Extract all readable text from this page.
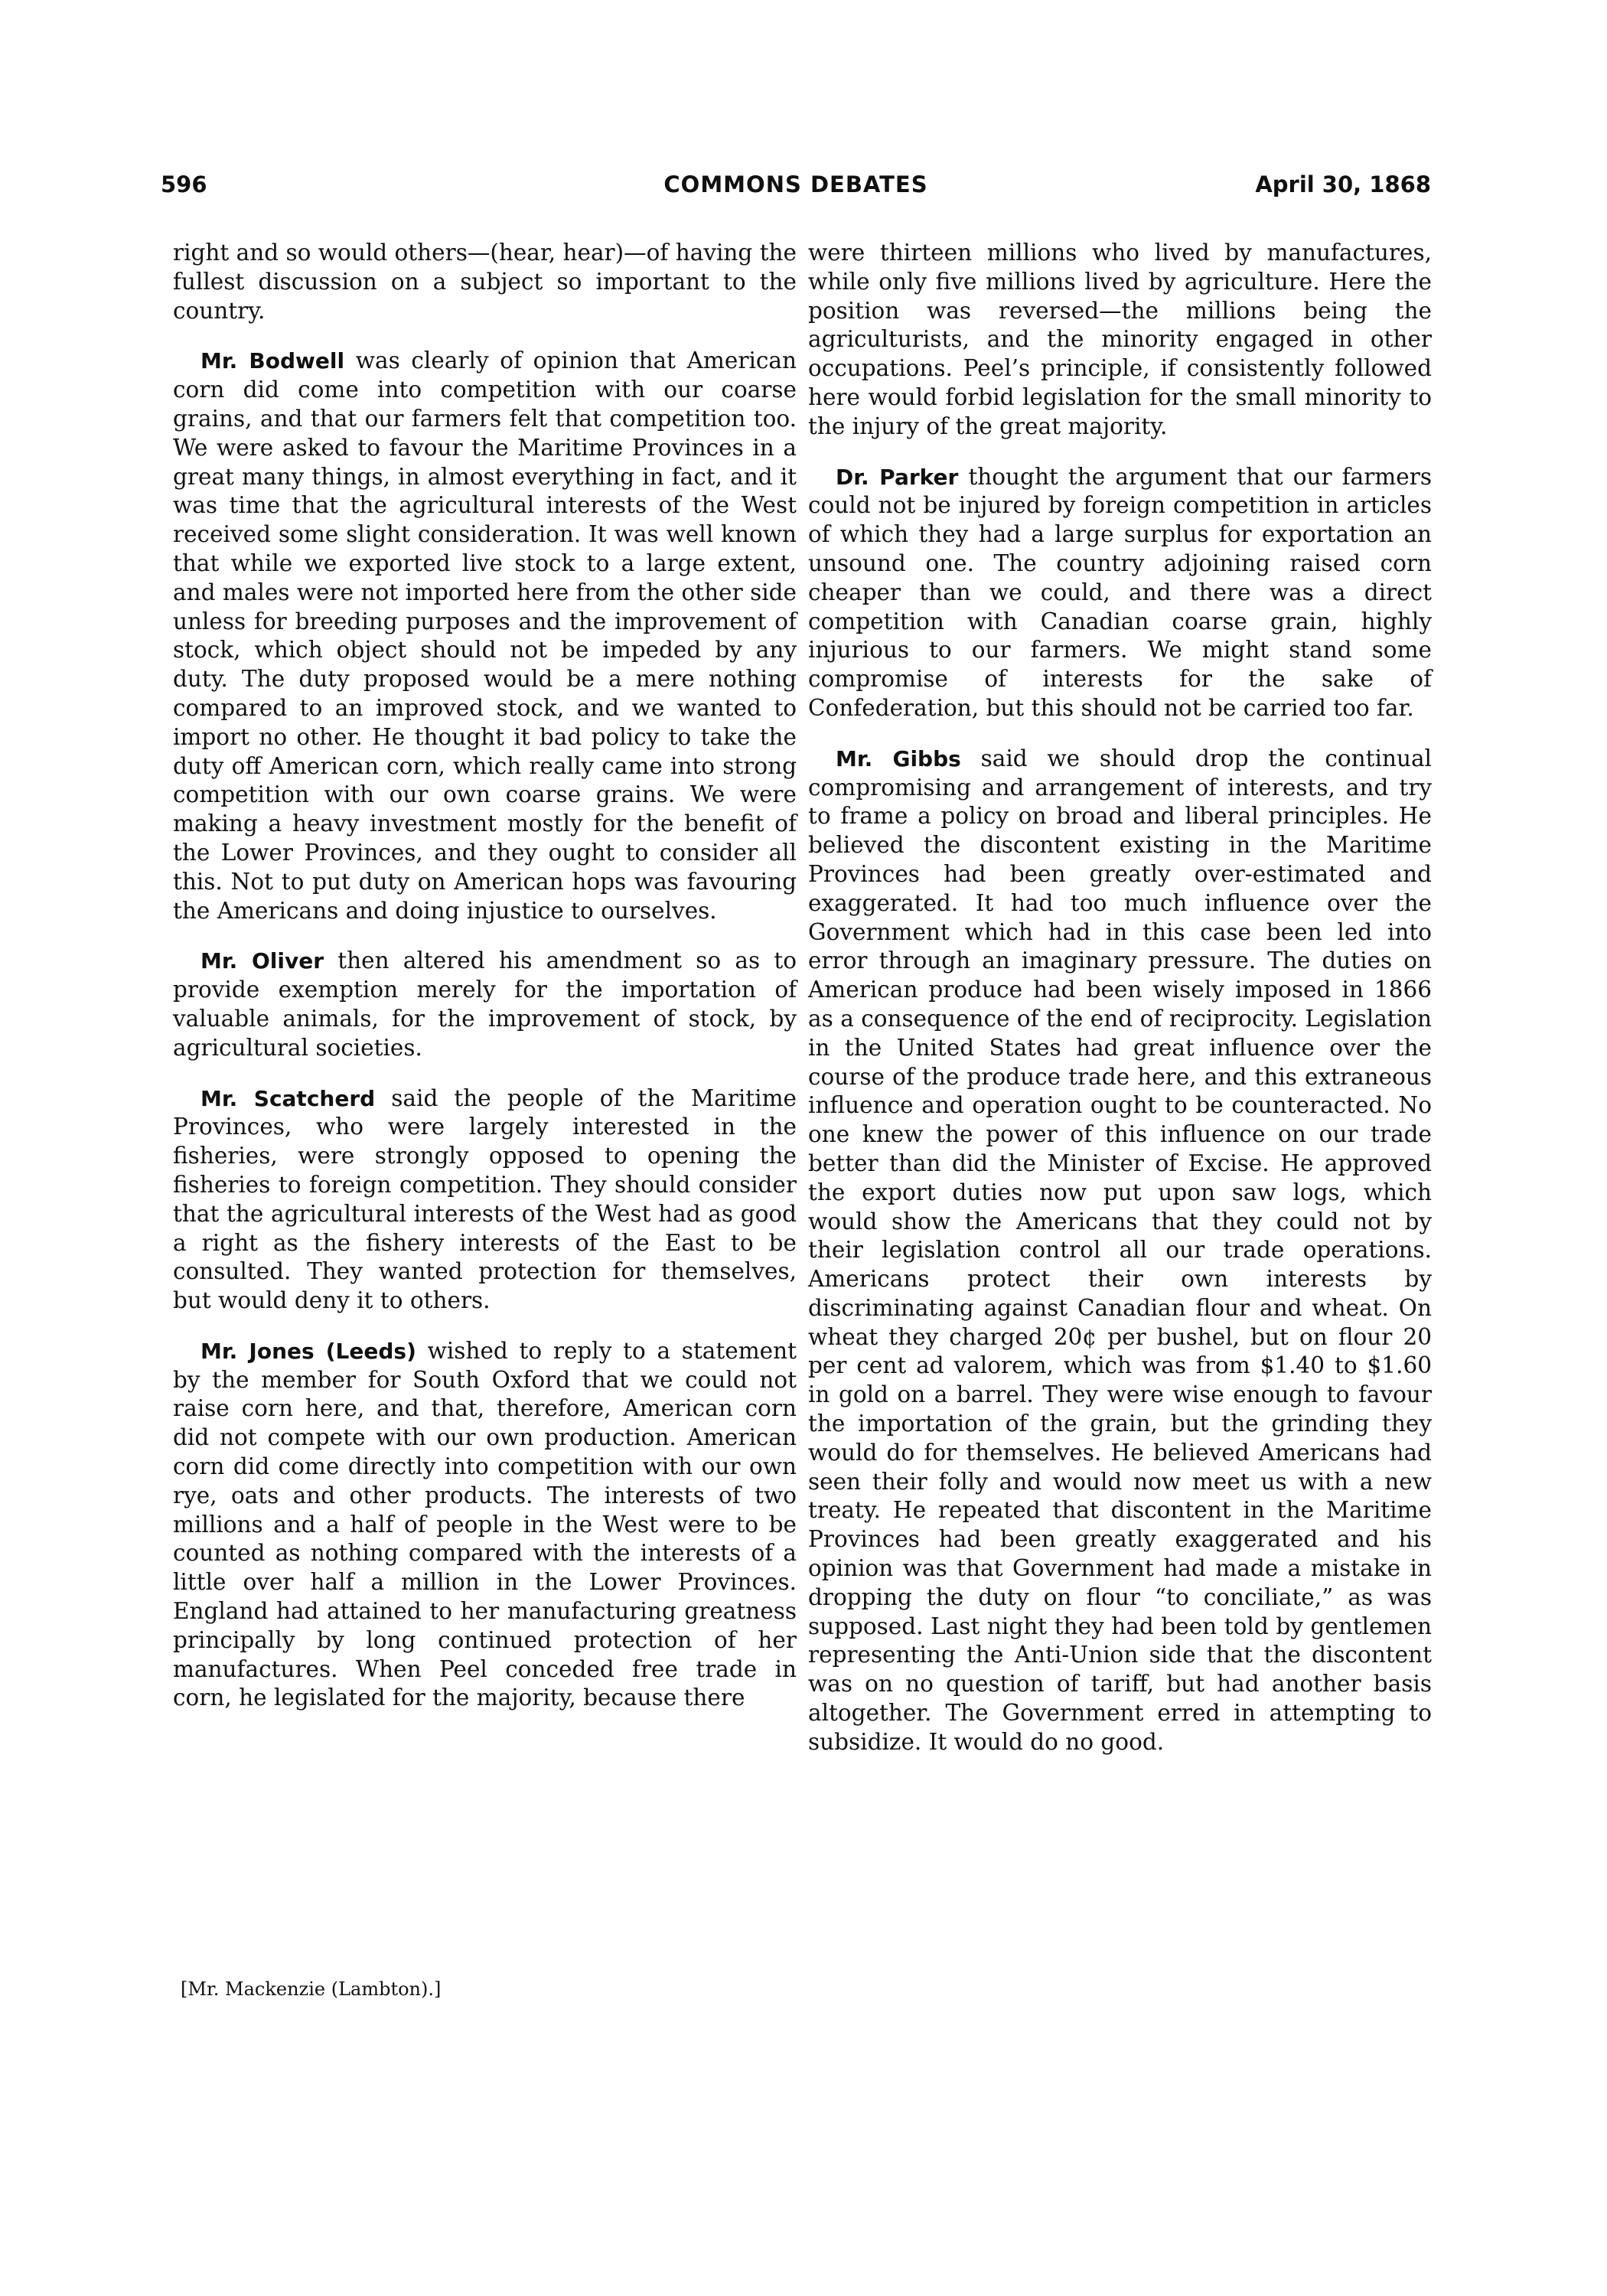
596	COMMONS DEBATES	April 30, 1868

right and so would others—(hear, hear)—of having the fullest discussion on a subject so important to the country.

Mr. Bodwell was clearly of opinion that American corn did come into competition with our coarse grains, and that our farmers felt that competition too. We were asked to favour the Maritime Provinces in a great many things, in almost everything in fact, and it was time that the agricultural interests of the West received some slight consideration. It was well known that while we exported live stock to a large extent, and males were not imported here from the other side unless for breeding purposes and the improvement of stock, which object should not be impeded by any duty. The duty proposed would be a mere nothing compared to an improved stock, and we wanted to import no other. He thought it bad policy to take the duty off American corn, which really came into strong competition with our own coarse grains. We were making a heavy investment mostly for the benefit of the Lower Provinces, and they ought to consider all this. Not to put duty on American hops was favouring the Americans and doing injustice to ourselves.

Mr. Oliver then altered his amendment so as to provide exemption merely for the importation of valuable animals, for the improvement of stock, by agricultural societies.

Mr. Scatcherd said the people of the Maritime Provinces, who were largely interested in the fisheries, were strongly opposed to opening the fisheries to foreign competition. They should consider that the agricultural interests of the West had as good a right as the fishery interests of the East to be consulted. They wanted protection for themselves, but would deny it to others.

Mr. Jones (Leeds) wished to reply to a statement by the member for South Oxford that we could not raise corn here, and that, therefore, American corn did not compete with our own production. American corn did come directly into competition with our own rye, oats and other products. The interests of two millions and a half of people in the West were to be counted as nothing compared with the interests of a little over half a million in the Lower Provinces. England had attained to her manufacturing greatness principally by long continued protection of her manufactures. When Peel conceded free trade in corn, he legislated for the majority, because there

were thirteen millions who lived by manufactures, while only five millions lived by agriculture. Here the position was reversed—the millions being the agriculturists, and the minority engaged in other occupations. Peel’s principle, if consistently followed here would forbid legislation for the small minority to the injury of the great majority.

Dr. Parker thought the argument that our farmers could not be injured by foreign competition in articles of which they had a large surplus for exportation an unsound one. The country adjoining raised corn cheaper than we could, and there was a direct competition with Canadian coarse grain, highly injurious to our farmers. We might stand some compromise of interests for the sake of Confederation, but this should not be carried too far.

Mr. Gibbs said we should drop the continual compromising and arrangement of interests, and try to frame a policy on broad and liberal principles. He believed the discontent existing in the Maritime Provinces had been greatly over-estimated and exaggerated. It had too much influence over the Government which had in this case been led into error through an imaginary pressure. The duties on American produce had been wisely imposed in 1866 as a consequence of the end of reciprocity. Legislation in the United States had great influence over the course of the produce trade here, and this extraneous influence and operation ought to be counteracted. No one knew the power of this influence on our trade better than did the Minister of Excise. He approved the export duties now put upon saw logs, which would show the Americans that they could not by their legislation control all our trade operations. Americans protect their own interests by discriminating against Canadian flour and wheat. On wheat they charged 20¢ per bushel, but on flour 20 per cent ad valorem, which was from $1.40 to $1.60 in gold on a barrel. They were wise enough to favour the importation of the grain, but the grinding they would do for themselves. He believed Americans had seen their folly and would now meet us with a new treaty. He repeated that discontent in the Maritime Provinces had been greatly exaggerated and his opinion was that Government had made a mistake in dropping the duty on flour “to conciliate,” as was supposed. Last night they had been told by gentlemen representing the Anti-Union side that the discontent was on no question of tariff, but had another basis altogether. The Government erred in attempting to subsidize. It would do no good.

[Mr. Mackenzie (Lambton).]
